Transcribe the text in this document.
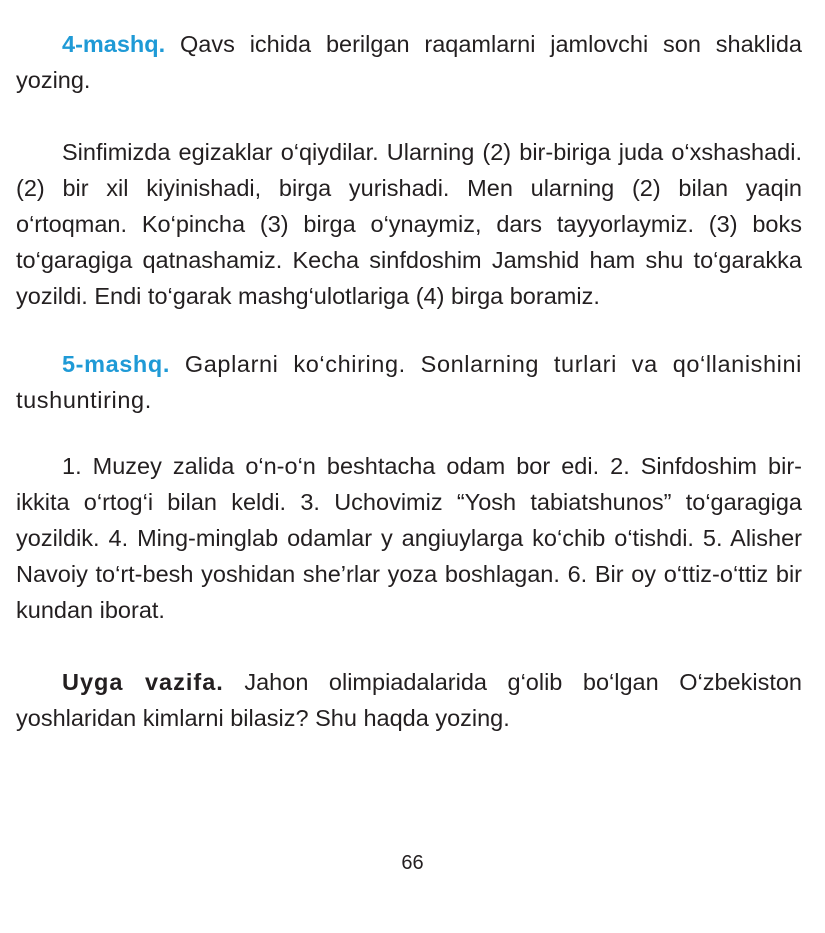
4-mashq. Qavs ichida berilgan raqamlarni jamlovchi son shaklida yozing.

Sinfimizda egizaklar o‘qiydilar. Ularning (2) bir-biriga juda o‘xshashadi. (2) bir xil kiyinishadi, birga yurishadi. Men ularning (2) bilan yaqin o‘rtoqman. Ko‘pincha (3) birga o‘ynaymiz, dars tayyorlaymiz. (3) boks to‘garagiga qatnashamiz. Kecha sinfdoshim Jamshid ham shu to‘garakka yozildi. Endi to‘garak mashg‘ulotlariga (4) birga boramiz.

5-mashq. Gaplarni ko‘chiring. Sonlarning turlari va qo‘llanishini tushuntiring.

1. Muzey zalida o‘n-o‘n beshtacha odam bor edi. 2. Sinfdoshim bir-ikkita o‘rtog‘i bilan keldi. 3. Uchovimiz “Yosh tabiatshunos” to‘garagiga yozildik. 4. Ming-minglab odamlar y angiuylarga ko‘chib o‘tishdi. 5. Alisher Navoiy to‘rt-besh yoshidan she’rlar yoza boshlagan. 6. Bir oy o‘ttiz-o‘ttiz bir kundan iborat.

Uyga vazifa. Jahon olimpiadalarida g‘olib bo‘lgan O‘zbekiston yoshlaridan kimlarni bilasiz? Shu haqda yozing.

66
